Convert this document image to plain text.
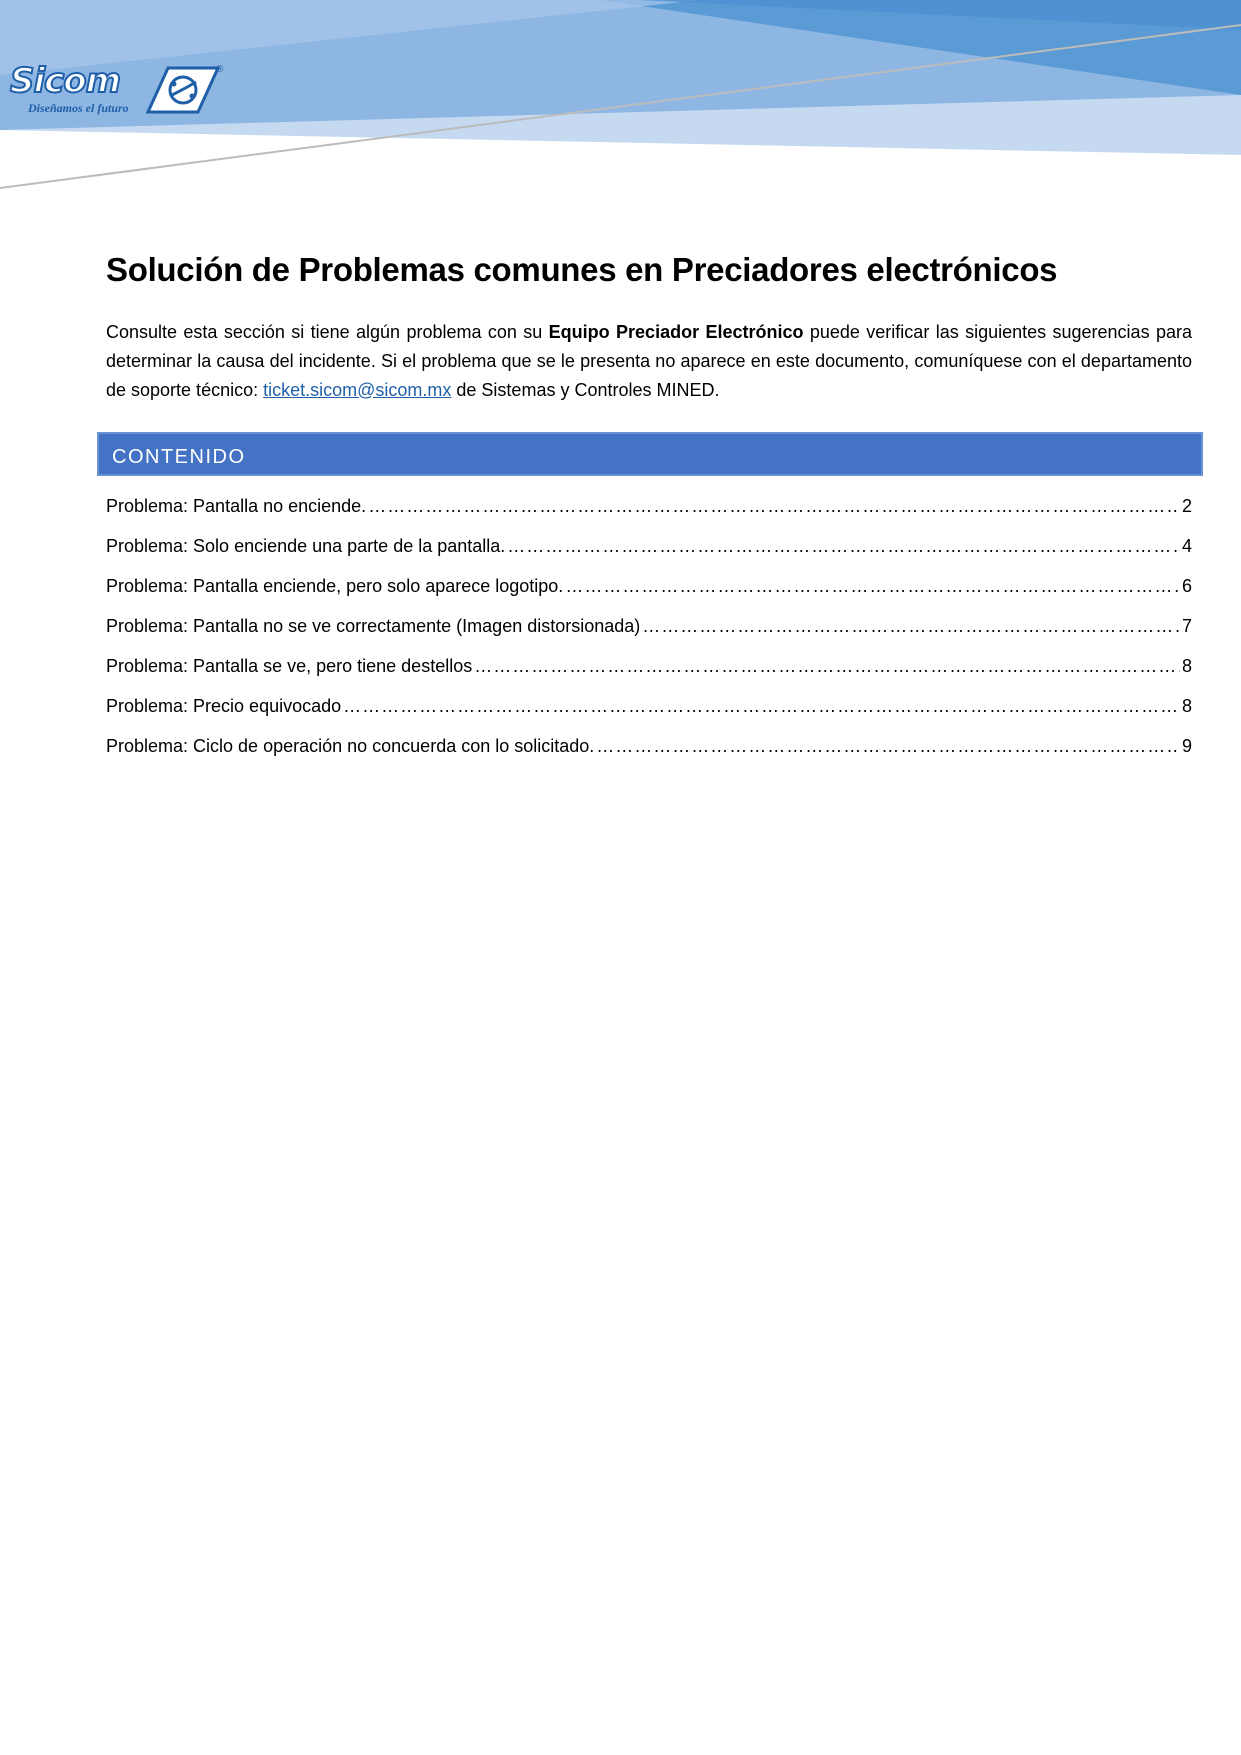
Sicom
Diseñamos el futuro
®
Solución de Problemas comunes en Preciadores electrónicos

Consulte esta sección si tiene algún problema con su Equipo Preciador Electrónico puede verificar las siguientes sugerencias para determinar la causa del incidente. Si el problema que se le presenta no aparece en este documento, comuníquese con el departamento de soporte técnico: ticket.sicom@sicom.mx de Sistemas y Controles MINED.

CONTENIDO
Problema: Pantalla no enciende. …………………………………………………………………………………………………………………………………………………………………………………………………………………………………	2
Problema: Solo enciende una parte de la pantalla. …………………………………………………………………………………………………………………………………………………………………………………………………………………………………	4
Problema: Pantalla enciende, pero solo aparece logotipo. …………………………………………………………………………………………………………………………………………………………………………………………………………………………………	6
Problema: Pantalla no se ve correctamente (Imagen distorsionada) …………………………………………………………………………………………………………………………………………………………………………………………………………………………………	7
Problema: Pantalla se ve, pero tiene destellos …………………………………………………………………………………………………………………………………………………………………………………………………………………………………	8
Problema: Precio equivocado …………………………………………………………………………………………………………………………………………………………………………………………………………………………………	8
Problema: Ciclo de operación no concuerda con lo solicitado. …………………………………………………………………………………………………………………………………………………………………………………………………………………………………	9
